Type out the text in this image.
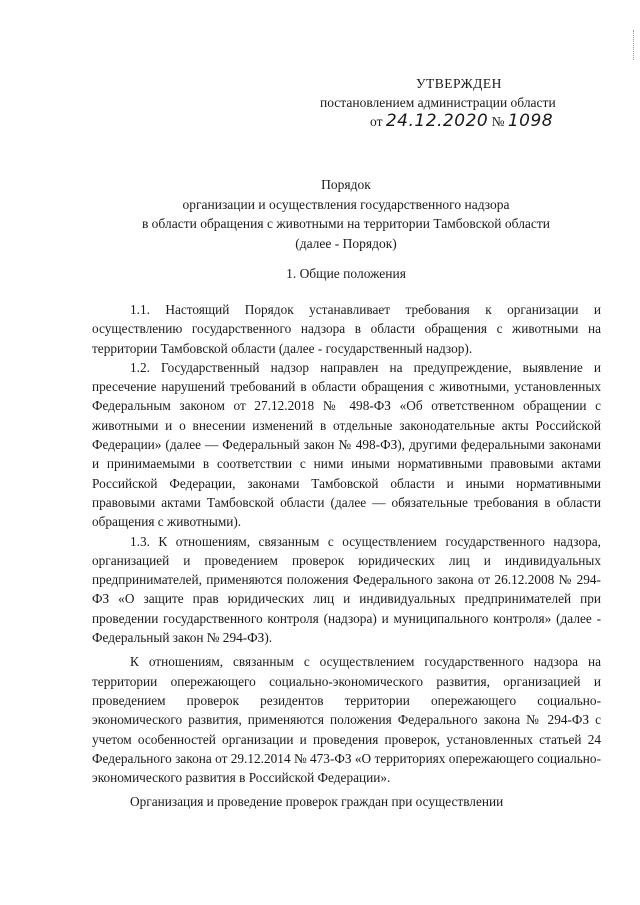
УТВЕРЖДЕН
постановлением администрации области
от 24.12.2020 № 1098
Порядок
организации и осуществления государственного надзора
в области обращения с животными на территории Тамбовской области
(далее - Порядок)
1. Общие положения

1.1. Настоящий Порядок устанавливает требования к организации и осуществлению государственного надзора в области обращения с животными на территории Тамбовской области (далее - государственный надзор).

1.2. Государственный надзор направлен на предупреждение, выявление и пресечение нарушений требований в области обращения с животными, установленных Федеральным законом от 27.12.2018 № 498-ФЗ «Об ответственном обращении с животными и о внесении изменений в отдельные законодательные акты Российской Федерации» (далее — Федеральный закон № 498-ФЗ), другими федеральными законами и принимаемыми в соответствии с ними иными нормативными правовыми актами Российской Федерации, законами Тамбовской области и иными нормативными правовыми актами Тамбовской области (далее — обязательные требования в области обращения с животными).

1.3. К отношениям, связанным с осуществлением государственного надзора, организацией и проведением проверок юридических лиц и индивидуальных предпринимателей, применяются положения Федерального закона от 26.12.2008 № 294-ФЗ «О защите прав юридических лиц и индивидуальных предпринимателей при проведении государственного контроля (надзора) и муниципального контроля» (далее - Федеральный закон № 294-ФЗ).

К отношениям, связанным с осуществлением государственного надзора на территории опережающего социально-экономического развития, организацией и проведением проверок резидентов территории опережающего социально-экономического развития, применяются положения Федерального закона № 294-ФЗ с учетом особенностей организации и проведения проверок, установленных статьей 24 Федерального закона от 29.12.2014 № 473-ФЗ «О территориях опережающего социально-экономического развития в Российской Федерации».

Организация и проведение проверок граждан при осуществлении
